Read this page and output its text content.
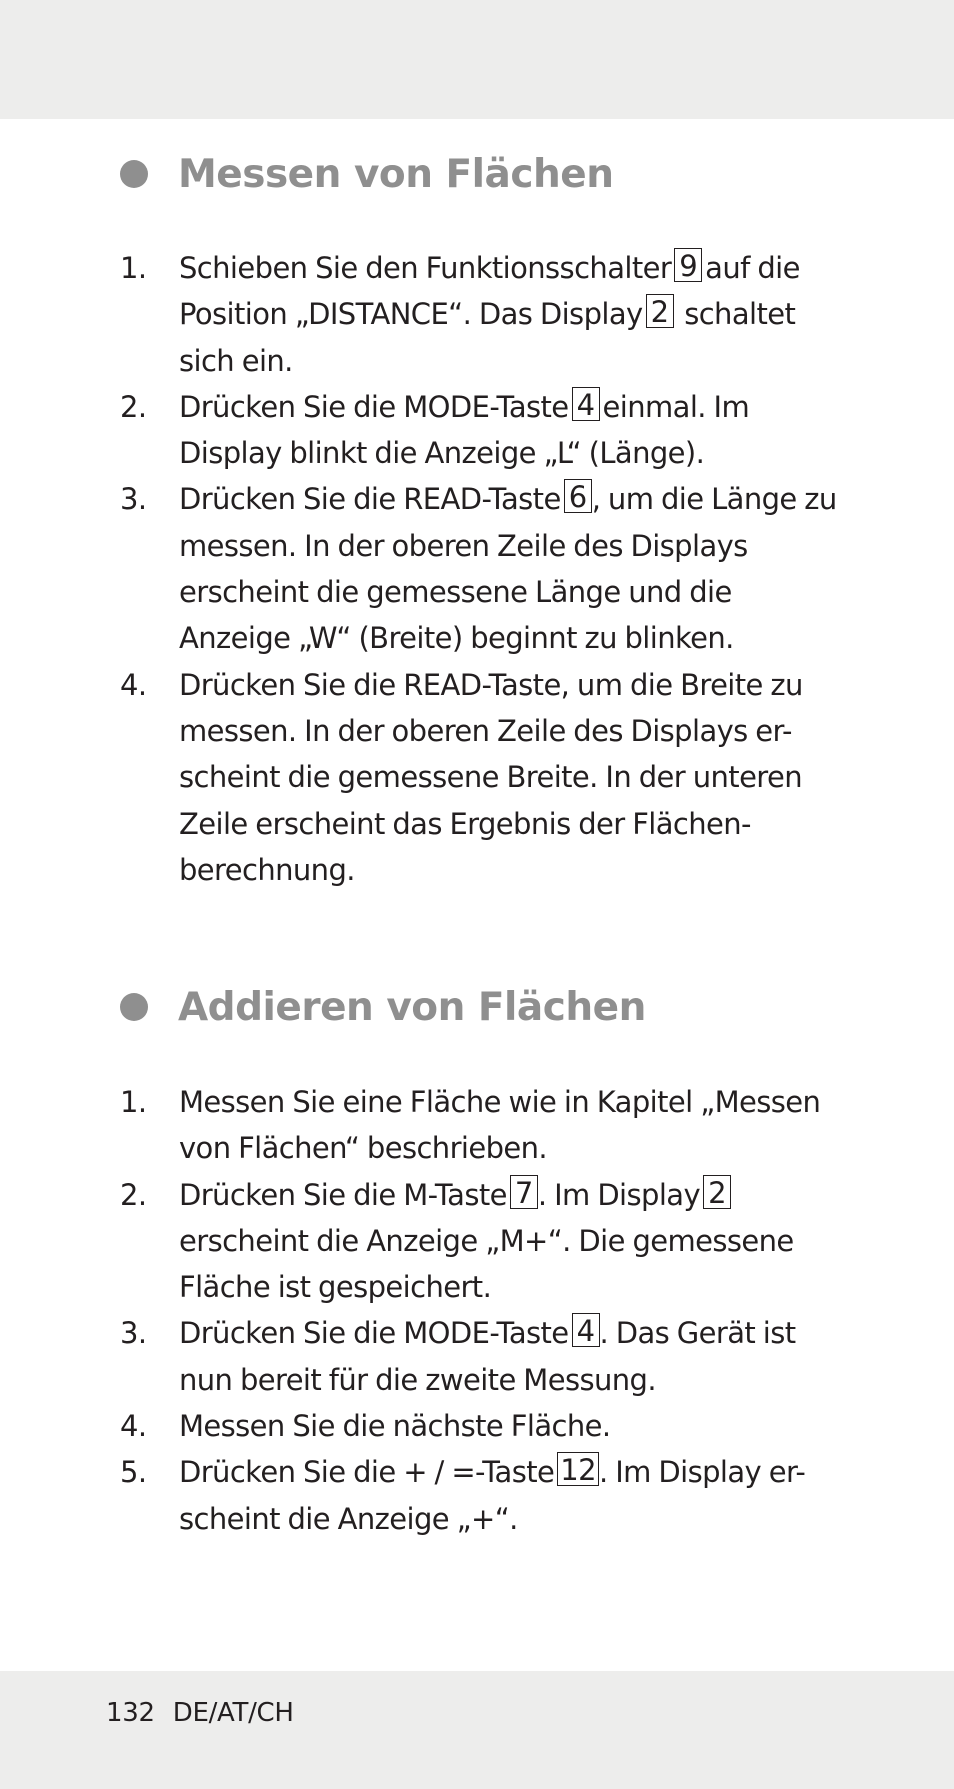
Messen von Flächen
1. Schieben Sie den Funktionsschalter 9 auf die Position „DISTANCE“. Das Display 2 schaltet sich ein.
2. Drücken Sie die MODE-Taste 4 einmal. Im Display blinkt die Anzeige „L“ (Länge).
3. Drücken Sie die READ-Taste 6 , um die Länge zu messen. In der oberen Zeile des Displays erscheint die gemessene Länge und die Anzeige „W“ (Breite) beginnt zu blinken.
4. Drücken Sie die READ-Taste, um die Breite zu messen. In der oberen Zeile des Displays er-scheint die gemessene Breite. In der unteren Zeile erscheint das Ergebnis der Flächen-berechnung.
Addieren von Flächen
1. Messen Sie eine Fläche wie in Kapitel „Messen von Flächen“ beschrieben.
2. Drücken Sie die M-Taste 7 . Im Display 2 erscheint die Anzeige „M+“. Die gemessene Fläche ist gespeichert.
3. Drücken Sie die MODE-Taste 4 . Das Gerät ist nun bereit für die zweite Messung.
4. Messen Sie die nächste Fläche.
5. Drücken Sie die + / =-Taste 12 . Im Display er-scheint die Anzeige „+“.
132 DE/AT/CH
